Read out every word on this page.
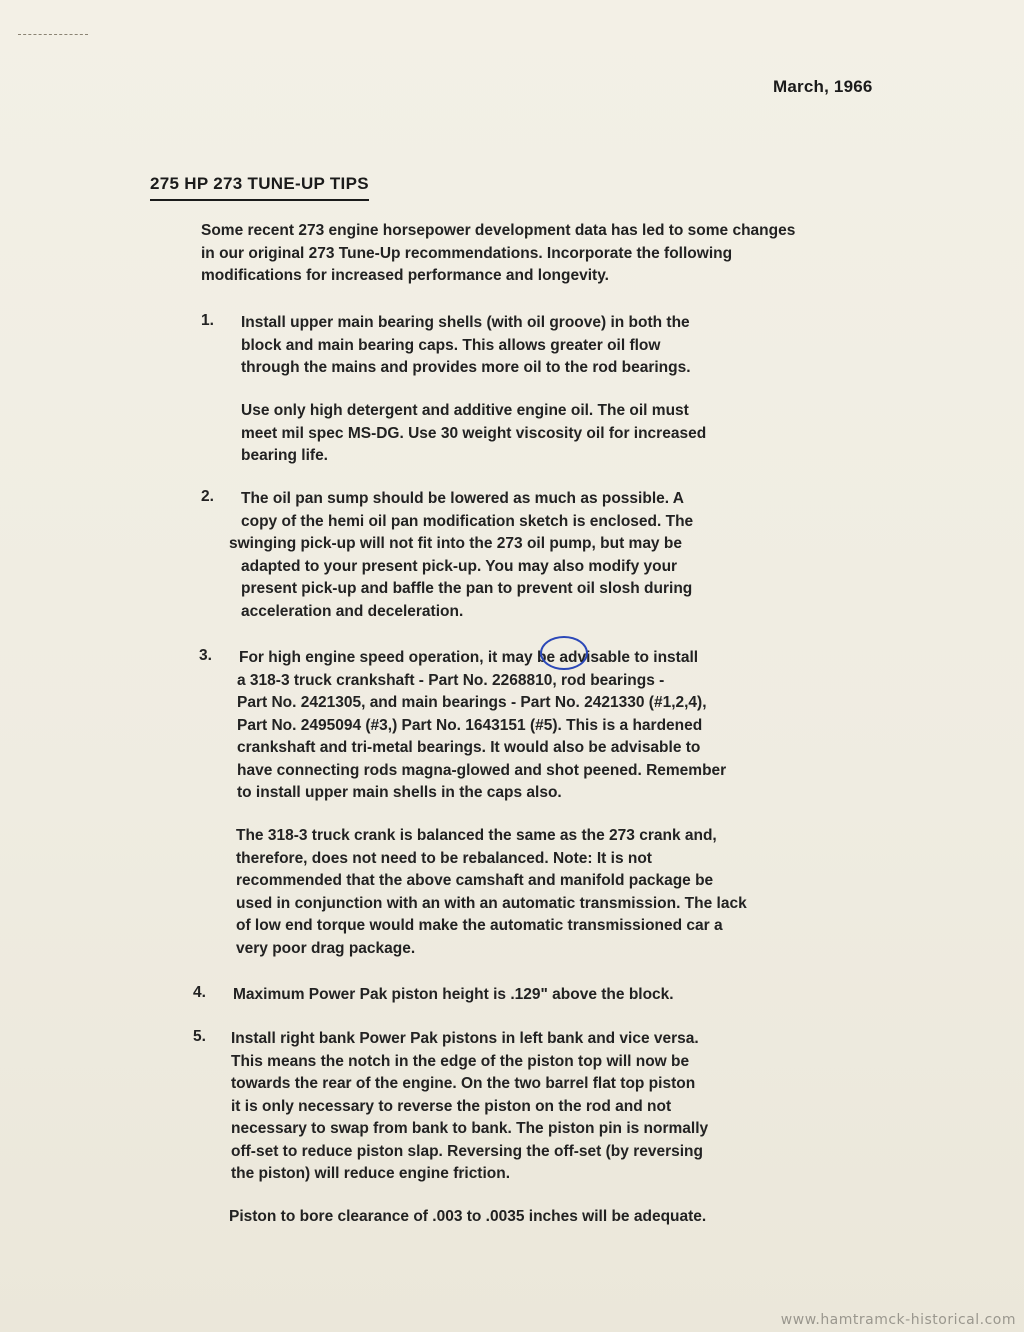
March, 1966
275 HP 273 TUNE-UP TIPS
Some recent 273 engine horsepower development data has led to some changes
in our original 273 Tune-Up recommendations. Incorporate the following
modifications for increased performance and longevity.
1. Install upper main bearing shells (with oil groove) in both the
block and main bearing caps. This allows greater oil flow
through the mains and provides more oil to the rod bearings.
Use only high detergent and additive engine oil. The oil must
meet mil spec MS-DG. Use 30 weight viscosity oil for increased
bearing life.
2. The oil pan sump should be lowered as much as possible. A
copy of the hemi oil pan modification sketch is enclosed. The
swinging pick-up will not fit into the 273 oil pump, but may be
adapted to your present pick-up. You may also modify your
present pick-up and baffle the pan to prevent oil slosh during
acceleration and deceleration.
3. For high engine speed operation, it may be advisable to install
a 318-3 truck crankshaft - Part No. 2268810, rod bearings -
Part No. 2421305, and main bearings - Part No. 2421330 (#1,2,4),
Part No. 2495094 (#3,) Part No. 1643151 (#5). This is a hardened
crankshaft and tri-metal bearings. It would also be advisable to
have connecting rods magna-glowed and shot peened. Remember
to install upper main shells in the caps also.
The 318-3 truck crank is balanced the same as the 273 crank and,
therefore, does not need to be rebalanced. Note: It is not
recommended that the above camshaft and manifold package be
used in conjunction with an with an automatic transmission. The lack
of low end torque would make the automatic transmissioned car a
very poor drag package.
4. Maximum Power Pak piston height is .129" above the block.
5. Install right bank Power Pak pistons in left bank and vice versa.
This means the notch in the edge of the piston top will now be
towards the rear of the engine. On the two barrel flat top piston
it is only necessary to reverse the piston on the rod and not
necessary to swap from bank to bank. The piston pin is normally
off-set to reduce piston slap. Reversing the off-set (by reversing
the piston) will reduce engine friction.
Piston to bore clearance of .003 to .0035 inches will be adequate.
www.hamtramck-historical.com
